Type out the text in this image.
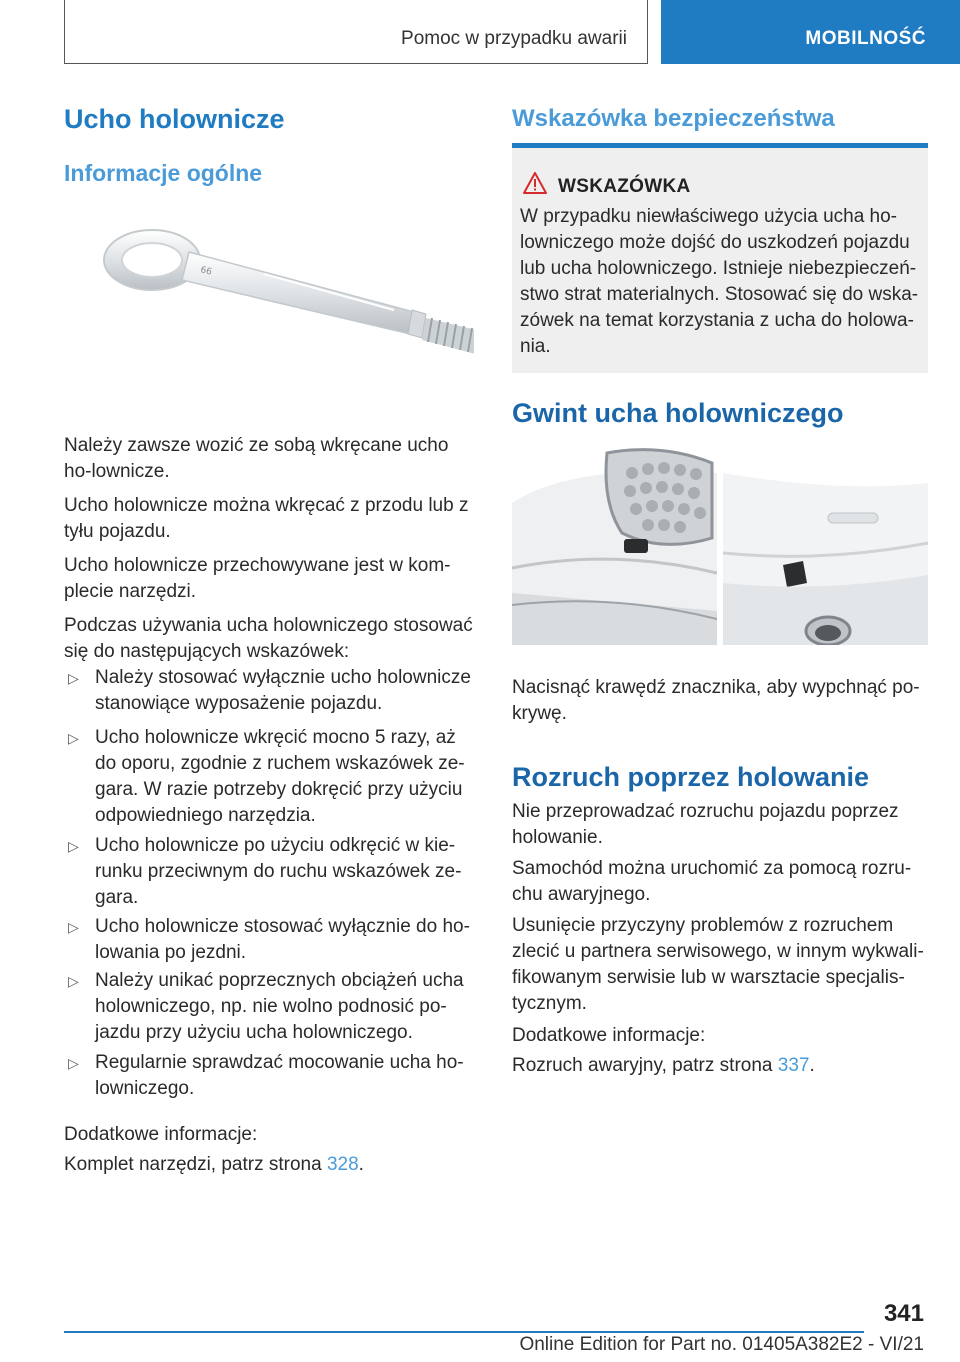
Pomoc w przypadku awarii	MOBILNOŚĆ
Ucho holownicze
Informacje ogólne
66
Należy zawsze wozić ze sobą wkręcane ucho ho-lownicze.
Ucho holownicze można wkręcać z przodu lub z tyłu pojazdu.
Ucho holownicze przechowywane jest w kom-plecie narzędzi.
Podczas używania ucha holowniczego stosować się do następujących wskazówek:
▷ Należy stosować wyłącznie ucho holownicze stanowiące wyposażenie pojazdu.
▷ Ucho holownicze wkręcić mocno 5 razy, aż do oporu, zgodnie z ruchem wskazówek ze-gara. W razie potrzeby dokręcić przy użyciu odpowiedniego narzędzia.
▷ Ucho holownicze po użyciu odkręcić w kie-runku przeciwnym do ruchu wskazówek ze-gara.
▷ Ucho holownicze stosować wyłącznie do ho-lowania po jezdni.
▷ Należy unikać poprzecznych obciążeń ucha holowniczego, np. nie wolno podnosić po-jazdu przy użyciu ucha holowniczego.
▷ Regularnie sprawdzać mocowanie ucha ho-lowniczego.
Dodatkowe informacje:
Komplet narzędzi, patrz strona 328.
Wskazówka bezpieczeństwa
WSKAZÓWKA
W przypadku niewłaściwego użycia ucha ho-lowniczego może dojść do uszkodzeń pojazdu lub ucha holowniczego. Istnieje niebezpieczeń-stwo strat materialnych. Stosować się do wska-zówek na temat korzystania z ucha do holowa-nia.
Gwint ucha holowniczego
Nacisnąć krawędź znacznika, aby wypchnąć po-krywę.
Rozruch poprzez holowanie
Nie przeprowadzać rozruchu pojazdu poprzez holowanie.
Samochód można uruchomić za pomocą rozru-chu awaryjnego.
Usunięcie przyczyny problemów z rozruchem zlecić u partnera serwisowego, w innym wykwali-fikowanym serwisie lub w warsztacie specjalis-tycznym.
Dodatkowe informacje:
Rozruch awaryjny, patrz strona 337.
341
Online Edition for Part no. 01405A382E2 - VI/21
